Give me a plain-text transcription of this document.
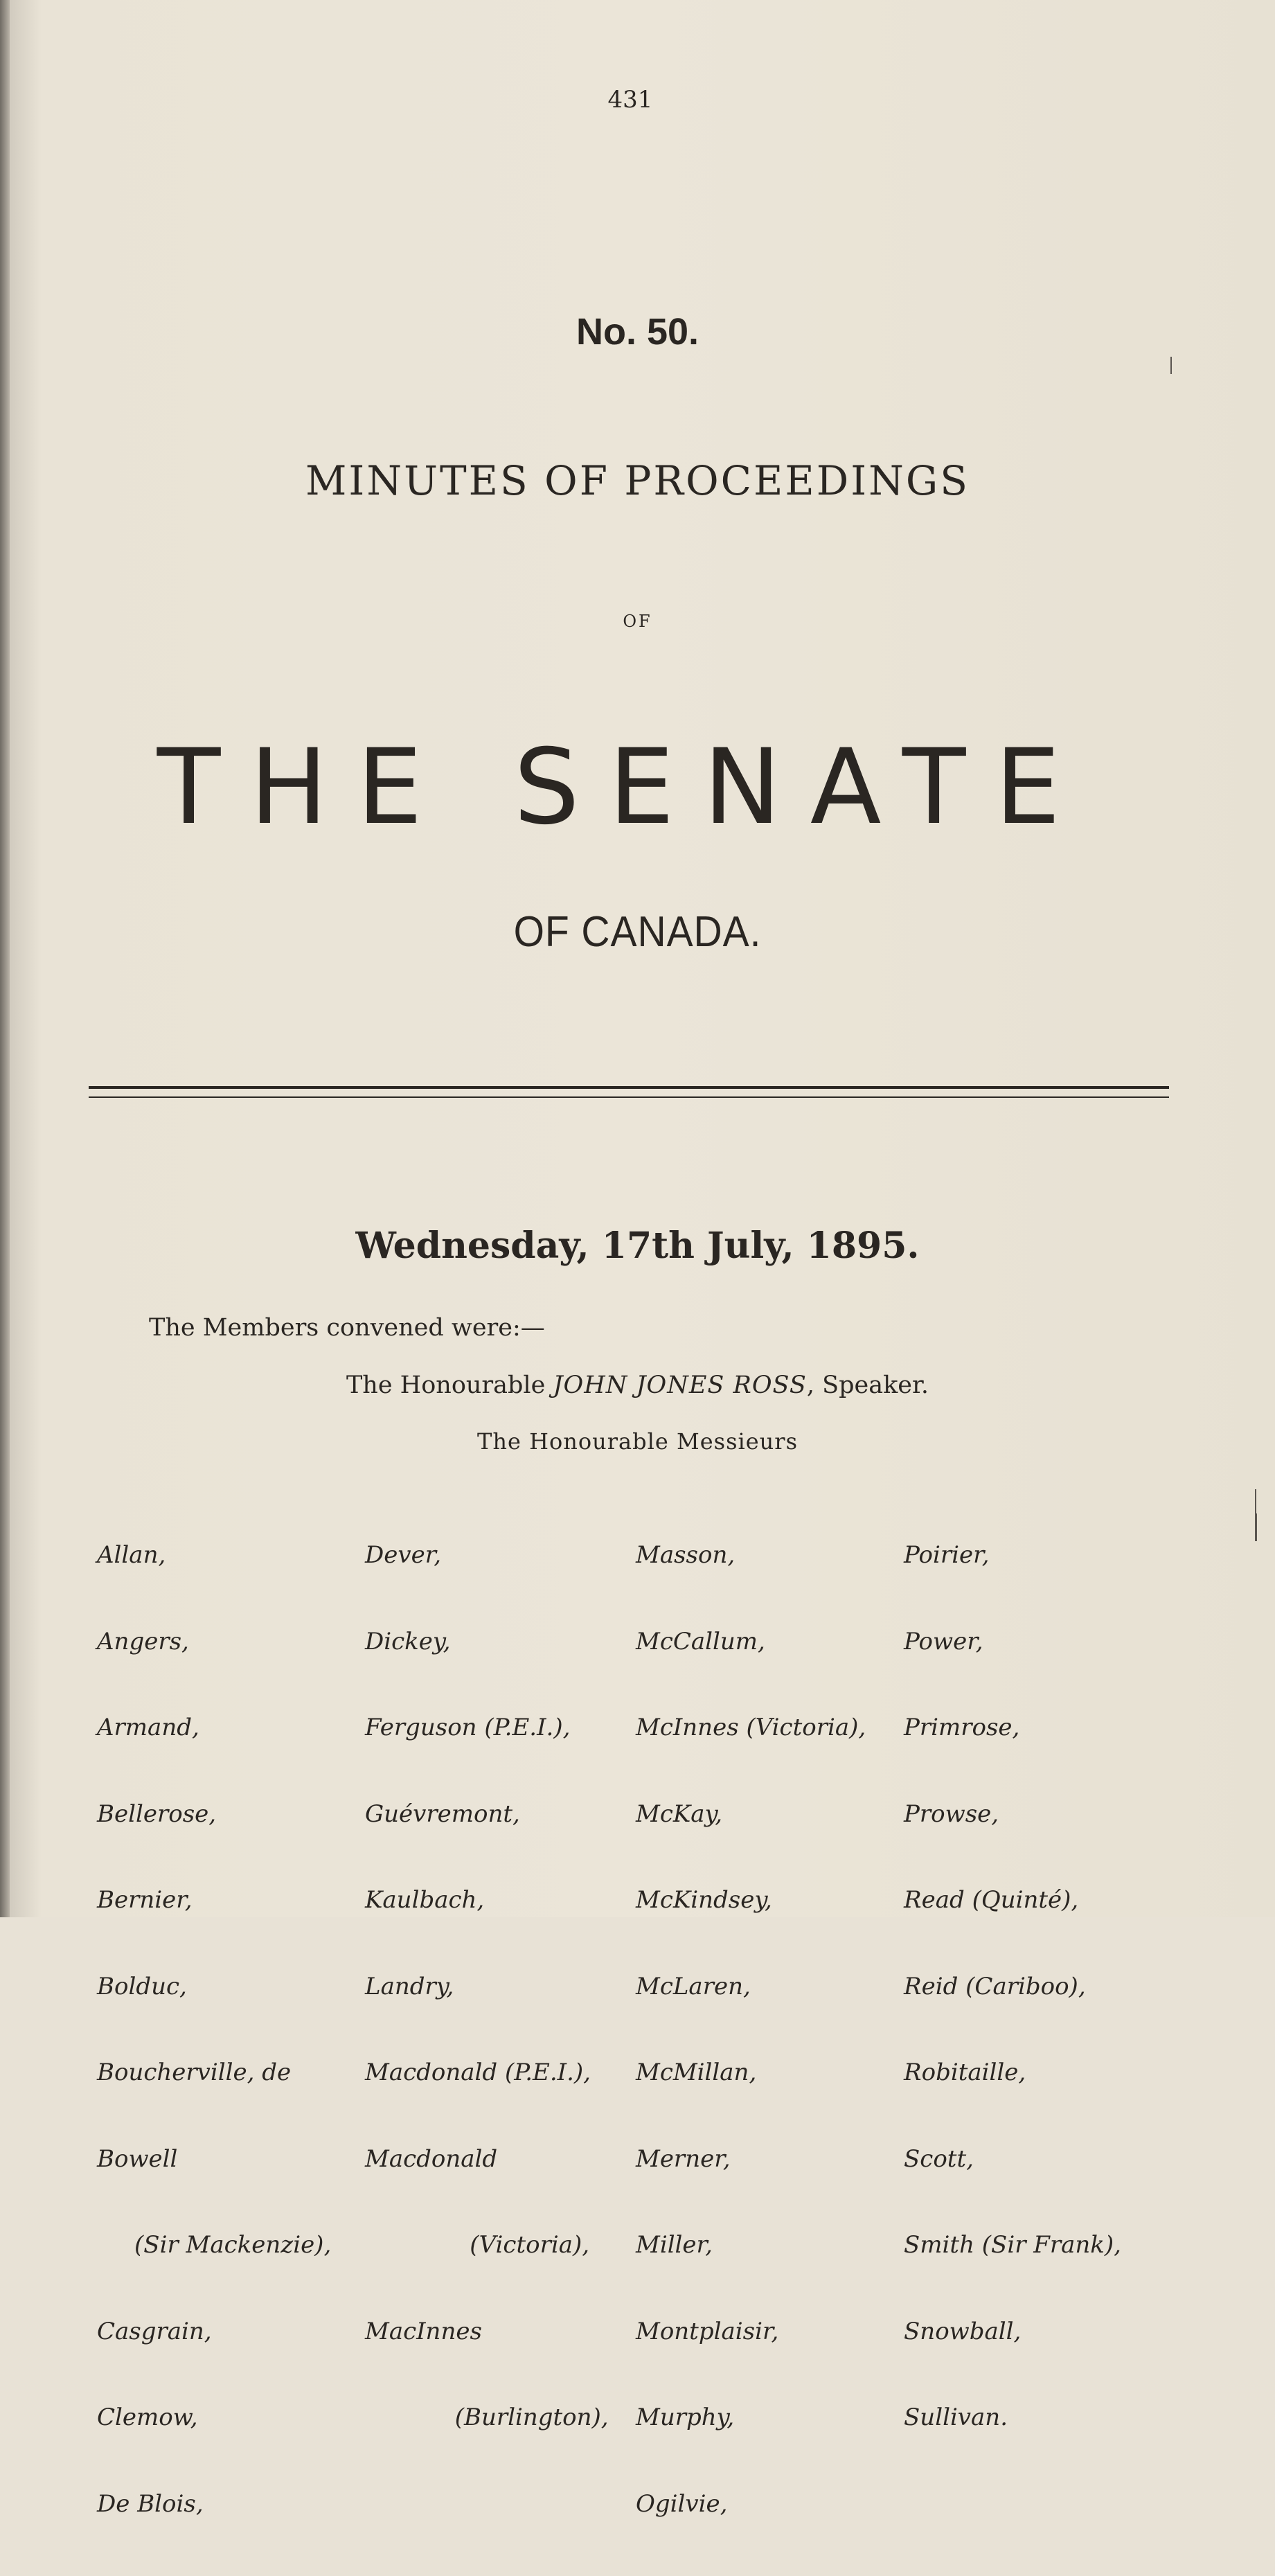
431
No. 50.
MINUTES OF PROCEEDINGS
OF
THE SENATE
OF CANADA.
Wednesday, 17th July, 1895.
The Members convened were:—
The Honourable JOHN JONES ROSS, Speaker.
The Honourable Messieurs

Allan,

Angers,

Armand,

Bellerose,

Bernier,

Bolduc,

Boucherville, de

Bowell

(Sir Mackenzie),

Casgrain,

Clemow,

De Blois,

Dever,

Dickey,

Ferguson (P.E.I.),

Guévremont,

Kaulbach,

Landry,

Macdonald (P.E.I.),

Macdonald

(Victoria),

MacInnes

(Burlington),

Masson,

McCallum,

McInnes (Victoria),

McKay,

McKindsey,

McLaren,

McMillan,

Merner,

Miller,

Montplaisir,

Murphy,

Ogilvie,

Poirier,

Power,

Primrose,

Prowse,

Read (Quinté),

Reid (Cariboo),

Robitaille,

Scott,

Smith (Sir Frank),

Snowball,

Sullivan.
